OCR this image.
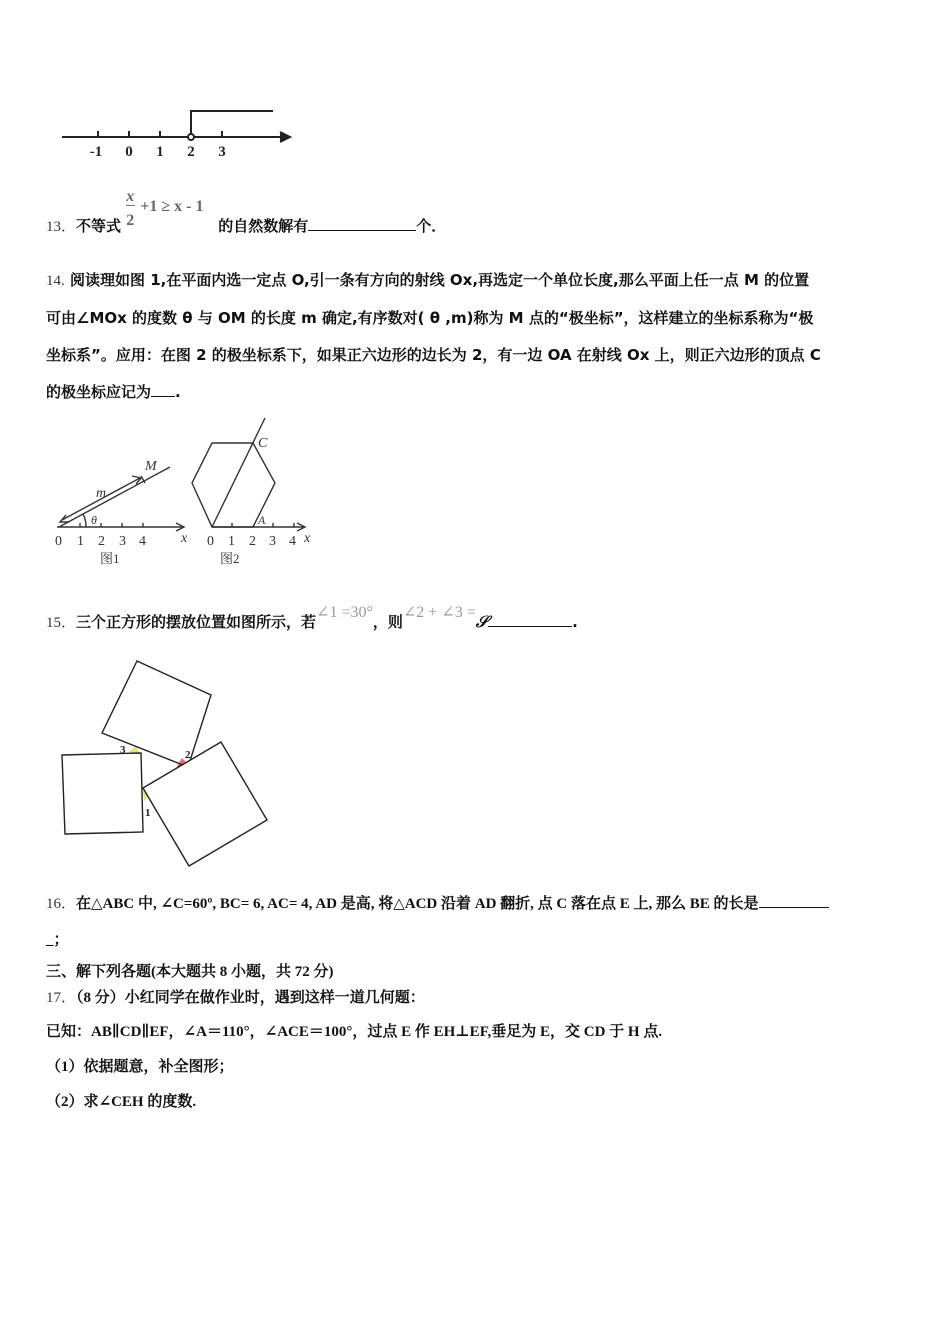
-1 0 1 2 3
0 1 2 3 4	x
M
m
θ
图1
0 1 2 3 4 x
C
A
图2
1
2
3
13．不等式
x
2
+1 ≥ x - 1
的自然数解有	个．
14. 阅读理如图 1,在平面内选一定点 O,引一条有方向的射线 Ox,再选定一个单位长度,那么平面上任一点 M 的位置
可由∠MOx 的度数 θ 与 OM 的长度 m 确定,有序数对( θ ,m)称为 M 点的“极坐标”，这样建立的坐标系称为“极
坐标系”。应用：在图 2 的极坐标系下，如果正六边形的边长为 2，有一边 OA 在射线 Ox 上，则正六边形的顶点 C
的极坐标应记为 .
15．三个正方形的摆放位置如图所示，若∠1 =30°，则∠2 + ∠3 =𝒮	.
16．在△ABC 中, ∠C=60º, BC= 6, AC= 4, AD 是高, 将△ACD 沿着 AD 翻折, 点 C 落在点 E 上, 那么 BE 的长是
_；
三、解下列各题(本大题共 8 小题，共 72 分)
17．（8 分）小红同学在做作业时，遇到这样一道几何题：
已知：AB∥CD∥EF，∠A＝110°，∠ACE＝100°，过点 E 作 EH⊥EF,垂足为 E，交 CD 于 H 点.
（1）依据题意，补全图形；
（2）求∠CEH 的度数.
